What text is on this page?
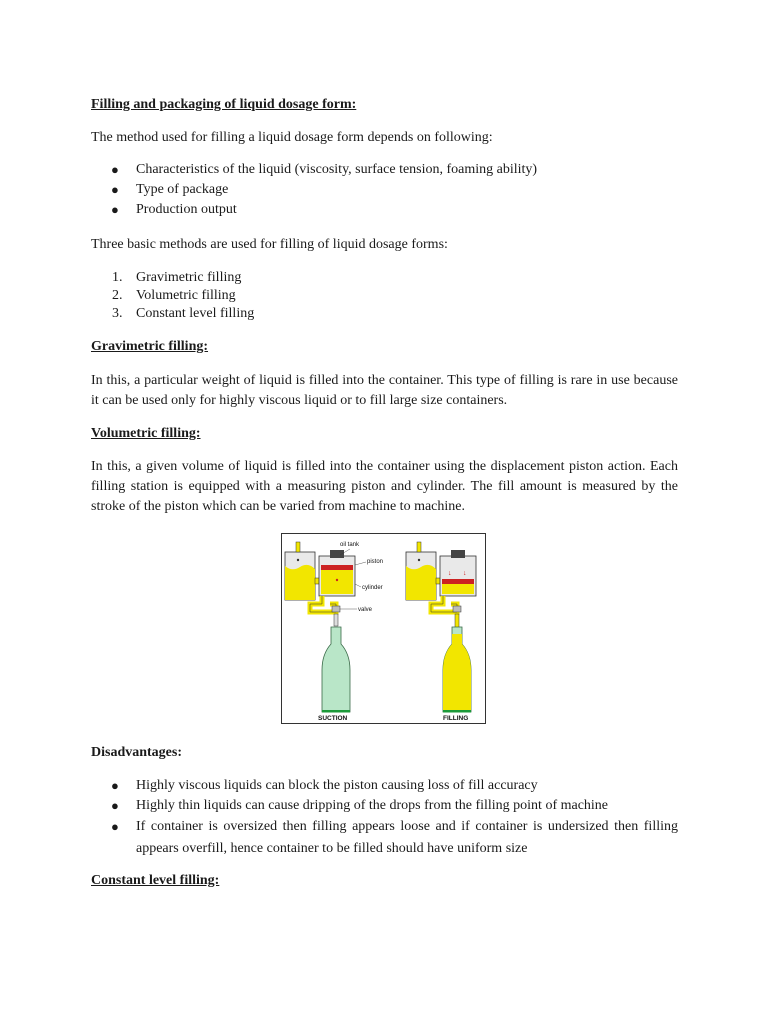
Filling and packaging of liquid dosage form:

The method used for filling a liquid dosage form depends on following:

● Characteristics of the liquid (viscosity, surface tension, foaming ability)
● Type of package
● Production output

Three basic methods are used for filling of liquid dosage forms:

1. Gravimetric filling
2. Volumetric filling
3. Constant level filling

Gravimetric filling:

In this, a particular weight of liquid is filled into the container. This type of filling is rare in use because it can be used only for highly viscous liquid or to fill large size containers.

Volumetric filling:

In this, a given volume of liquid is filled into the container using the displacement piston action. Each filling station is equipped with a measuring piston and cylinder. The fill amount is measured by the stroke of the piston which can be varied from machine to machine.

↓ ↓
oil tank
piston
cylinder
valve
SUCTION	FILLING

Disadvantages:

● Highly viscous liquids can block the piston causing loss of fill accuracy
● Highly thin liquids can cause dripping of the drops from the filling point of machine
● If container is oversized then filling appears loose and if container is undersized then filling appears overfill, hence container to be filled should have uniform size

Constant level filling:
